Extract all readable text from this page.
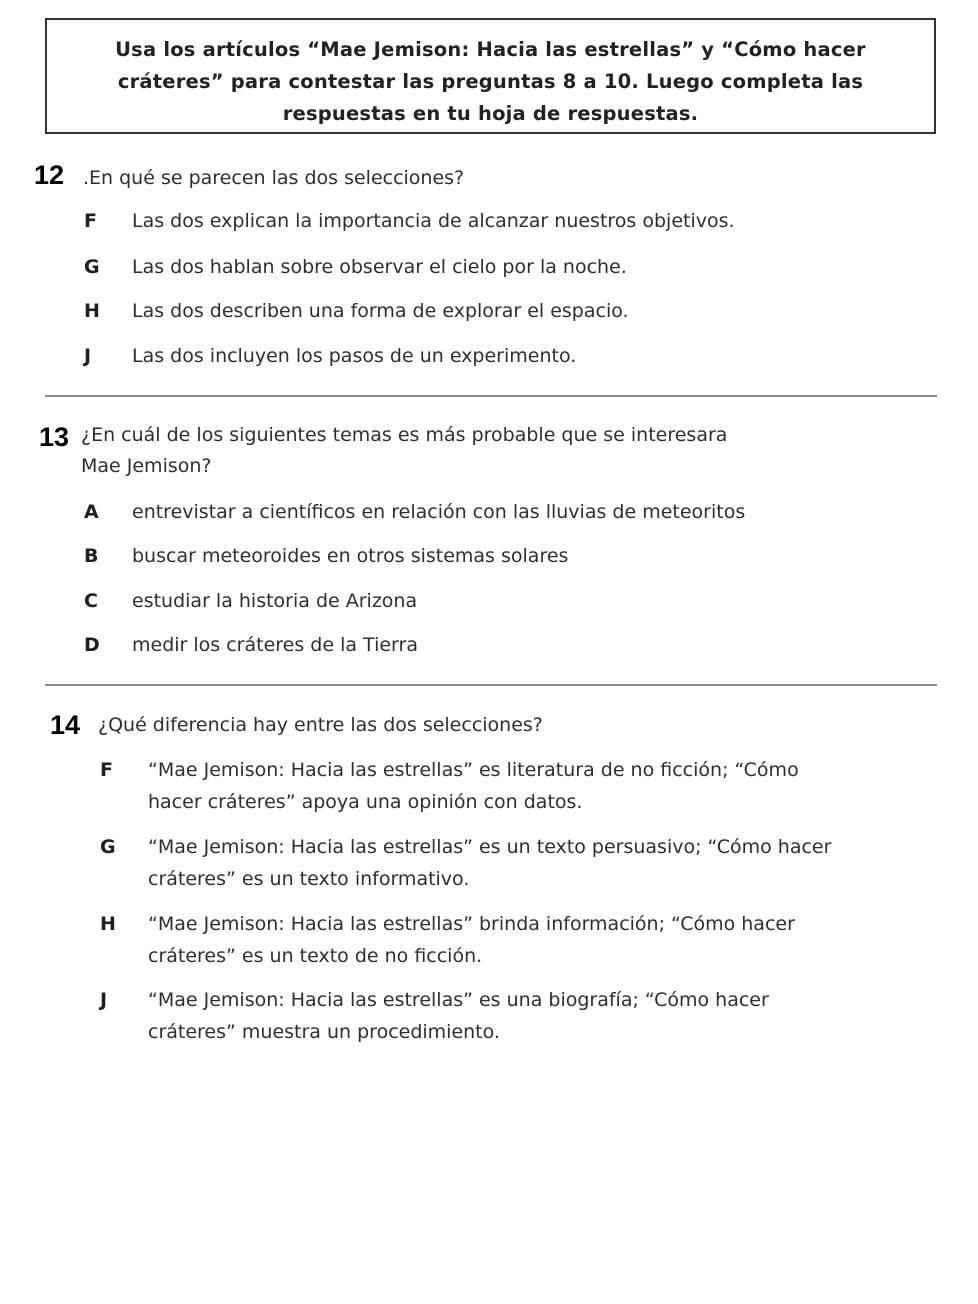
Usa los artículos “Mae Jemison: Hacia las estrellas” y “Cómo hacer
cráteres” para contestar las preguntas 8 a 10. Luego completa las
respuestas en tu hoja de respuestas.
12 .En qué se parecen las dos selecciones?
F Las dos explican la importancia de alcanzar nuestros objetivos.
G Las dos hablan sobre observar el cielo por la noche.
H Las dos describen una forma de explorar el espacio.
J Las dos incluyen los pasos de un experimento.
13 ¿En cuál de los siguientes temas es más probable que se interesara
Mae Jemison?
A entrevistar a científicos en relación con las lluvias de meteoritos
B buscar meteoroides en otros sistemas solares
C estudiar la historia de Arizona
D medir los cráteres de la Tierra
14 ¿Qué diferencia hay entre las dos selecciones?
F “Mae Jemison: Hacia las estrellas” es literatura de no ficción; “Cómo
hacer cráteres” apoya una opinión con datos.
G “Mae Jemison: Hacia las estrellas” es un texto persuasivo; “Cómo hacer
cráteres” es un texto informativo.
H “Mae Jemison: Hacia las estrellas” brinda información; “Cómo hacer
cráteres” es un texto de no ficción.
J “Mae Jemison: Hacia las estrellas” es una biografía; “Cómo hacer
cráteres” muestra un procedimiento.
